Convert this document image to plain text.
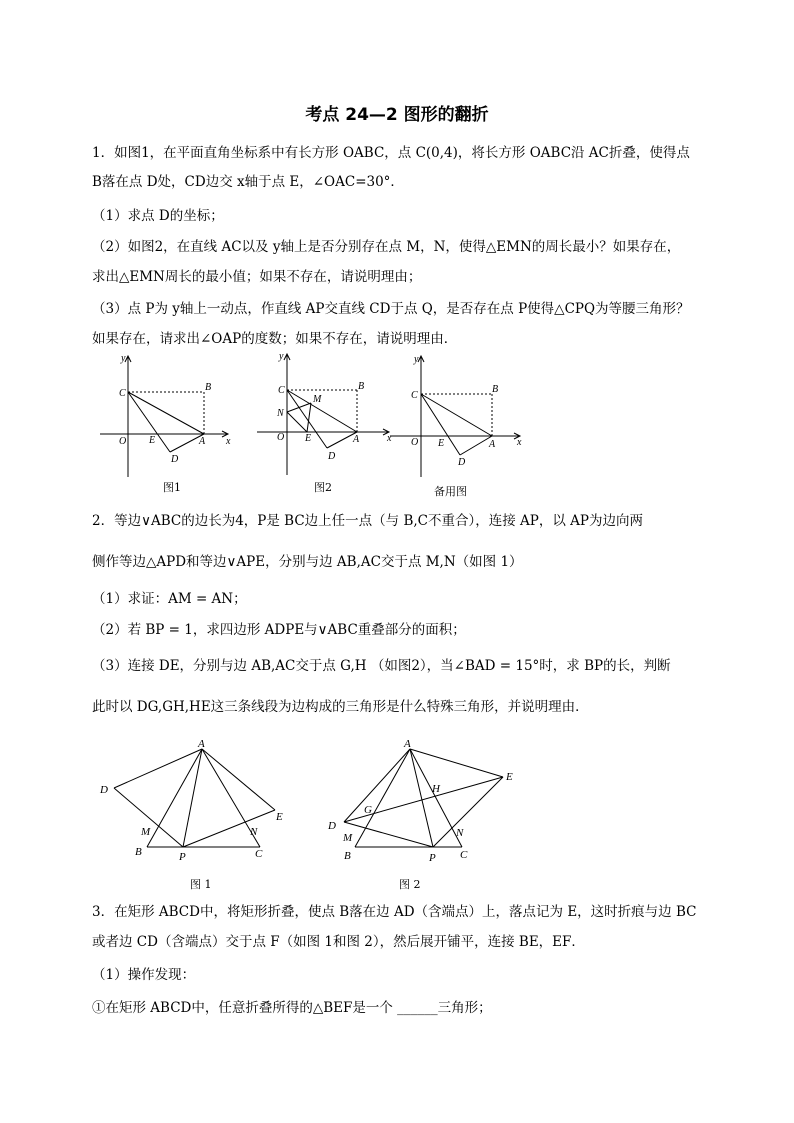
考点 24—2 图形的翻折
1．如图1，在平面直角坐标系中有长方形 OABC，点 C(0,4)，将长方形 OABC沿 AC折叠，使得点
B落在点 D处，CD边交 x轴于点 E，∠OAC=30°．
（1）求点 D的坐标；
（2）如图2，在直线 AC以及 y轴上是否分别存在点 M，N，使得△EMN的周长最小？如果存在，
求出△EMN周长的最小值；如果不存在，请说明理由；
（3）点 P为 y轴上一动点，作直线 AP交直线 CD于点 Q，是否存在点 P使得△CPQ为等腰三角形？
如果存在，请求出∠OAP的度数；如果不存在，请说明理由．
y
x
C
B
O E	A
D
图1
y
x
C	B
M
N
O E	A
D
图2
y
x
C
B
O E	A
D
备用图
2．等边∨ABC的边长为4，P是 BC边上任一点（与 B,C不重合），连接 AP，以 AP为边向两
侧作等边△APD和等边∨APE，分别与边 AB,AC交于点 M,N（如图 1）
（1）求证：AM = AN；
（2）若 BP = 1，求四边形 ADPE与∨ABC重叠部分的面积；
（3）连接 DE，分别与边 AB,AC交于点 G,H （如图2），当∠BAD = 15°时，求 BP的长，判断
此时以 DG,GH,HE这三条线段为边构成的三角形是什么特殊三角形，并说明理由．
A
D
E
M	N
B	P	C
图 1
A
E
H
G
D
M	N
B	P C
图 2
3．在矩形 ABCD中，将矩形折叠，使点 B落在边 AD（含端点）上，落点记为 E，这时折痕与边 BC
或者边 CD（含端点）交于点 F（如图 1和图 2），然后展开铺平，连接 BE，EF．
（1）操作发现：
①在矩形 ABCD中，任意折叠所得的△BEF是一个 ______三角形；
